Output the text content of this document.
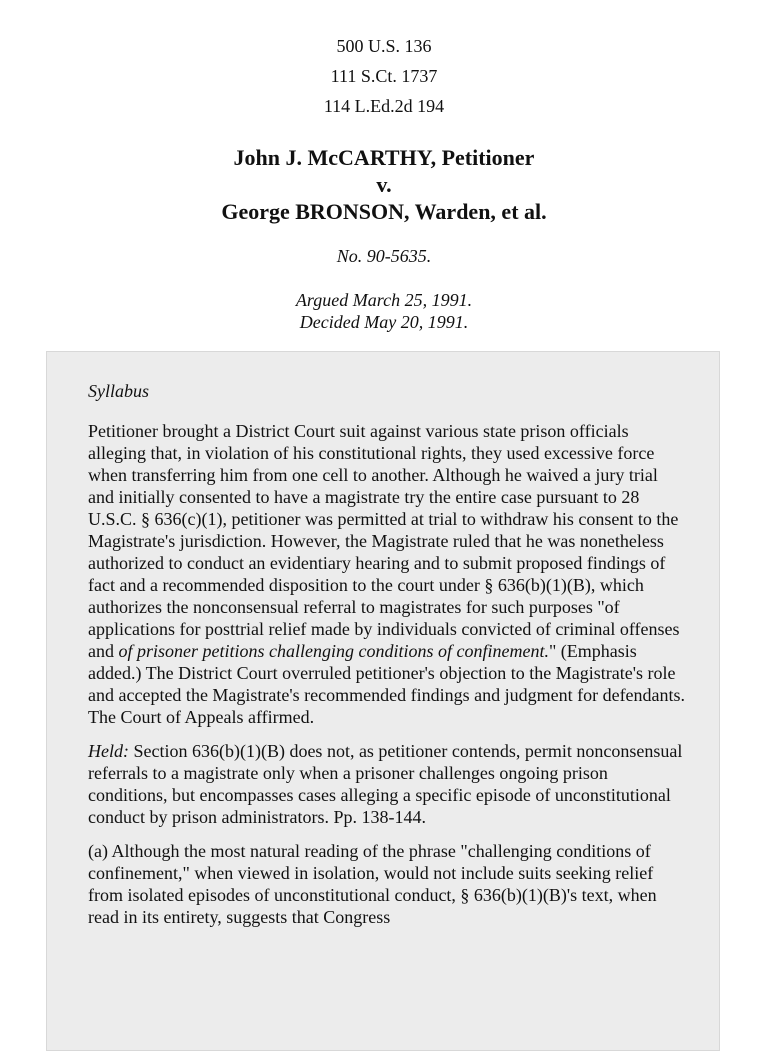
500 U.S. 136
111 S.Ct. 1737
114 L.Ed.2d 194
John J. McCARTHY, Petitioner
v.
George BRONSON, Warden, et al.
No. 90-5635.
Argued March 25, 1991.
Decided May 20, 1991.

Syllabus

Petitioner brought a District Court suit against various state prison officials alleging that, in violation of his constitutional rights, they used excessive force when transferring him from one cell to another. Although he waived a jury trial and initially consented to have a magistrate try the entire case pursuant to 28 U.S.C. § 636(c)(1), petitioner was permitted at trial to withdraw his consent to the Magistrate's jurisdiction. However, the Magistrate ruled that he was nonetheless authorized to conduct an evidentiary hearing and to submit proposed findings of fact and a recommended disposition to the court under § 636(b)(1)(B), which authorizes the nonconsensual referral to magistrates for such purposes "of applications for posttrial relief made by individuals convicted of criminal offenses and of prisoner petitions challenging conditions of confinement." (Emphasis added.) The District Court overruled petitioner's objection to the Magistrate's role and accepted the Magistrate's recommended findings and judgment for defendants. The Court of Appeals affirmed.

Held: Section 636(b)(1)(B) does not, as petitioner contends, permit nonconsensual referrals to a magistrate only when a prisoner challenges ongoing prison conditions, but encompasses cases alleging a specific episode of unconstitutional conduct by prison administrators. Pp. 138-144.

(a) Although the most natural reading of the phrase "challenging conditions of confinement," when viewed in isolation, would not include suits seeking relief from isolated episodes of unconstitutional conduct, § 636(b)(1)(B)'s text, when read in its entirety, suggests that Congress
